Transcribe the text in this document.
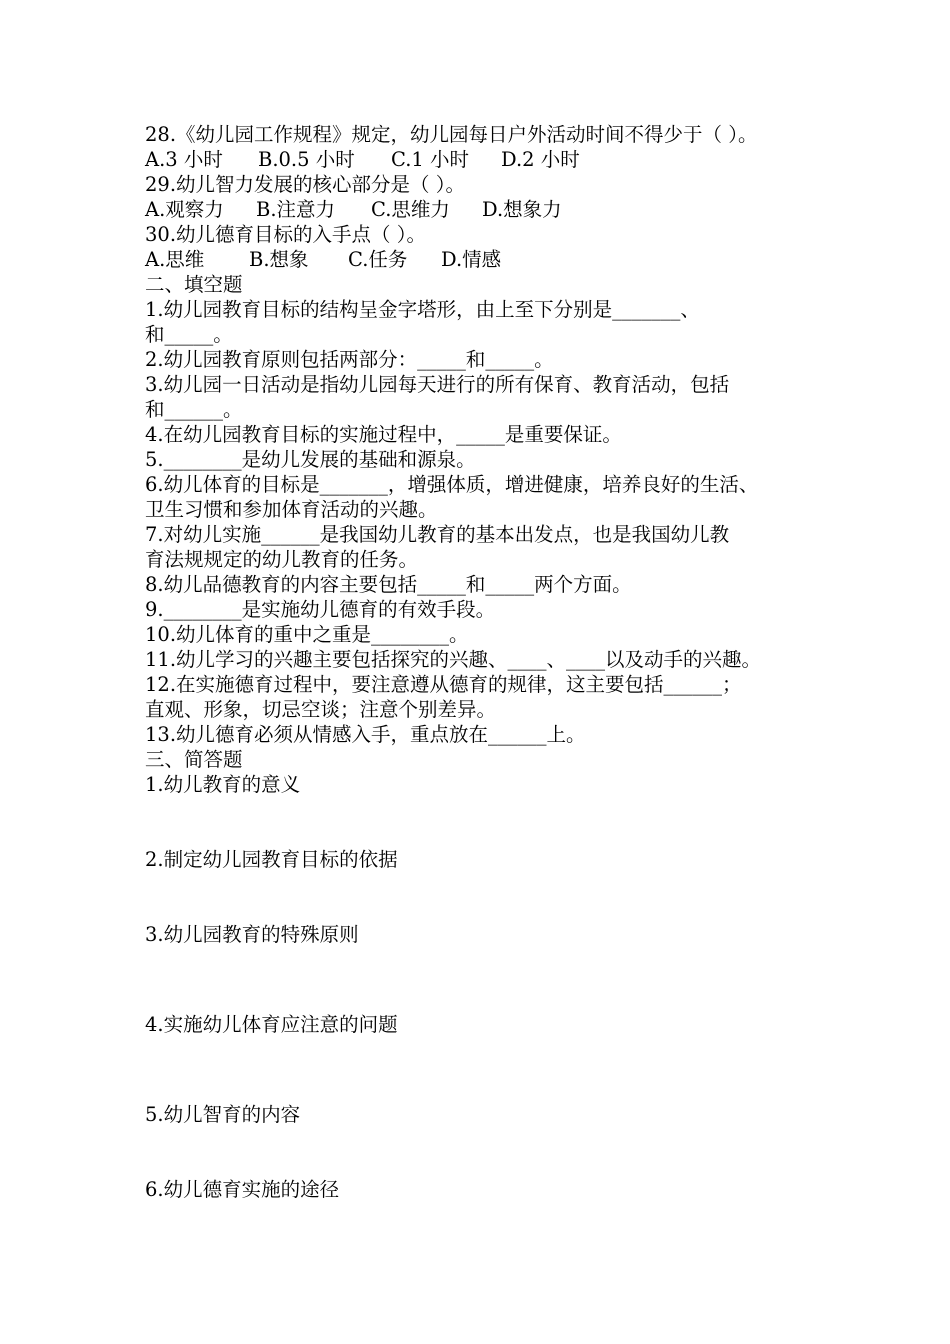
28.《幼儿园工作规程》规定，幼儿园每日户外活动时间不得少于（ ）。
A.3 小时 B.0.5 小时 C.1 小时 D.2 小时
29.幼儿智力发展的核心部分是（ ）。
A.观察力 B.注意力 C.思维力 D.想象力
30.幼儿德育目标的入手点（ ）。
A.思维 B.想象 C.任务 D.情感
二、填空题
1.幼儿园教育目标的结构呈金字塔形，由上至下分别是_______、
和_____。
2.幼儿园教育原则包括两部分：_____和_____。
3.幼儿园一日活动是指幼儿园每天进行的所有保育、教育活动，包括
和______。
4.在幼儿园教育目标的实施过程中，_____是重要保证。
5.________是幼儿发展的基础和源泉。
6.幼儿体育的目标是_______，增强体质，增进健康，培养良好的生活、
卫生习惯和参加体育活动的兴趣。
7.对幼儿实施______是我国幼儿教育的基本出发点，也是我国幼儿教
育法规规定的幼儿教育的任务。
8.幼儿品德教育的内容主要包括_____和_____两个方面。
9.________是实施幼儿德育的有效手段。
10.幼儿体育的重中之重是________。
11.幼儿学习的兴趣主要包括探究的兴趣、____、____以及动手的兴趣。
12.在实施德育过程中，要注意遵从德育的规律，这主要包括______；
直观、形象，切忌空谈；注意个别差异。
13.幼儿德育必须从情感入手，重点放在______上。
三、简答题
1.幼儿教育的意义
2.制定幼儿园教育目标的依据
3.幼儿园教育的特殊原则
4.实施幼儿体育应注意的问题
5.幼儿智育的内容
6.幼儿德育实施的途径
